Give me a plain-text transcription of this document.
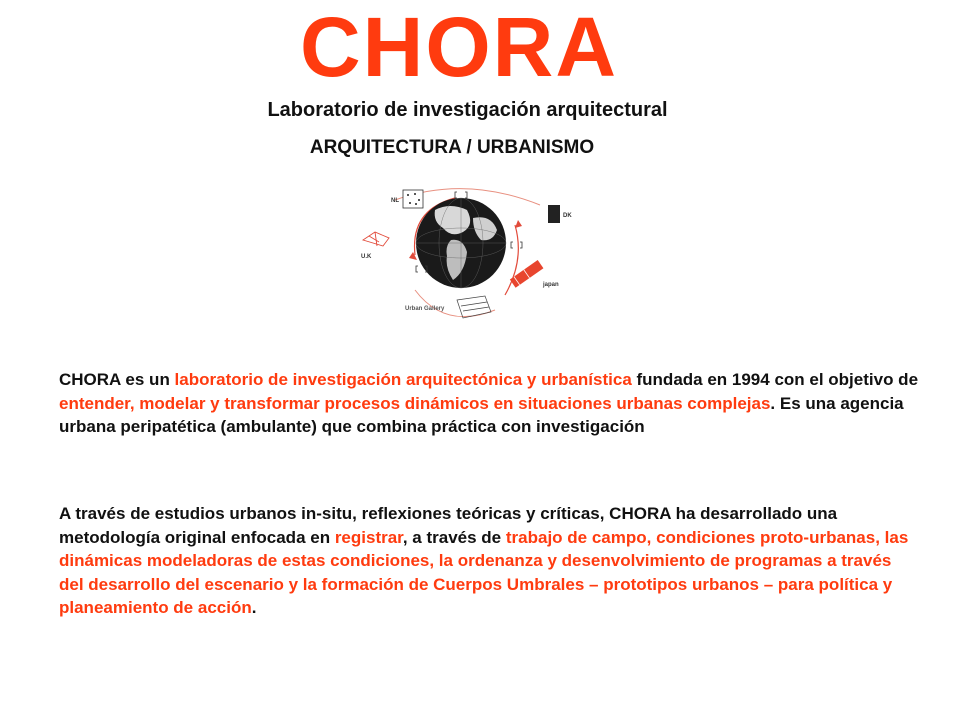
CHORA
Laboratorio de investigación arquitectural
ARQUITECTURA / URBANISMO
NL
DK
U.K
japan
Urban Gallery
CHORA es un laboratorio de investigación arquitectónica y urbanística fundada en 1994 con el objetivo de entender, modelar y transformar procesos dinámicos en situaciones urbanas complejas. Es una agencia urbana peripatética (ambulante) que combina práctica con investigación
A través de estudios urbanos in-situ, reflexiones teóricas y críticas, CHORA ha desarrollado una metodología original enfocada en registrar, a través de trabajo de campo, condiciones proto-urbanas, las dinámicas modeladoras de estas condiciones, la ordenanza y desenvolvimiento de programas a través del desarrollo del escenario y la formación de Cuerpos Umbrales – prototipos urbanos – para política y planeamiento de acción.
